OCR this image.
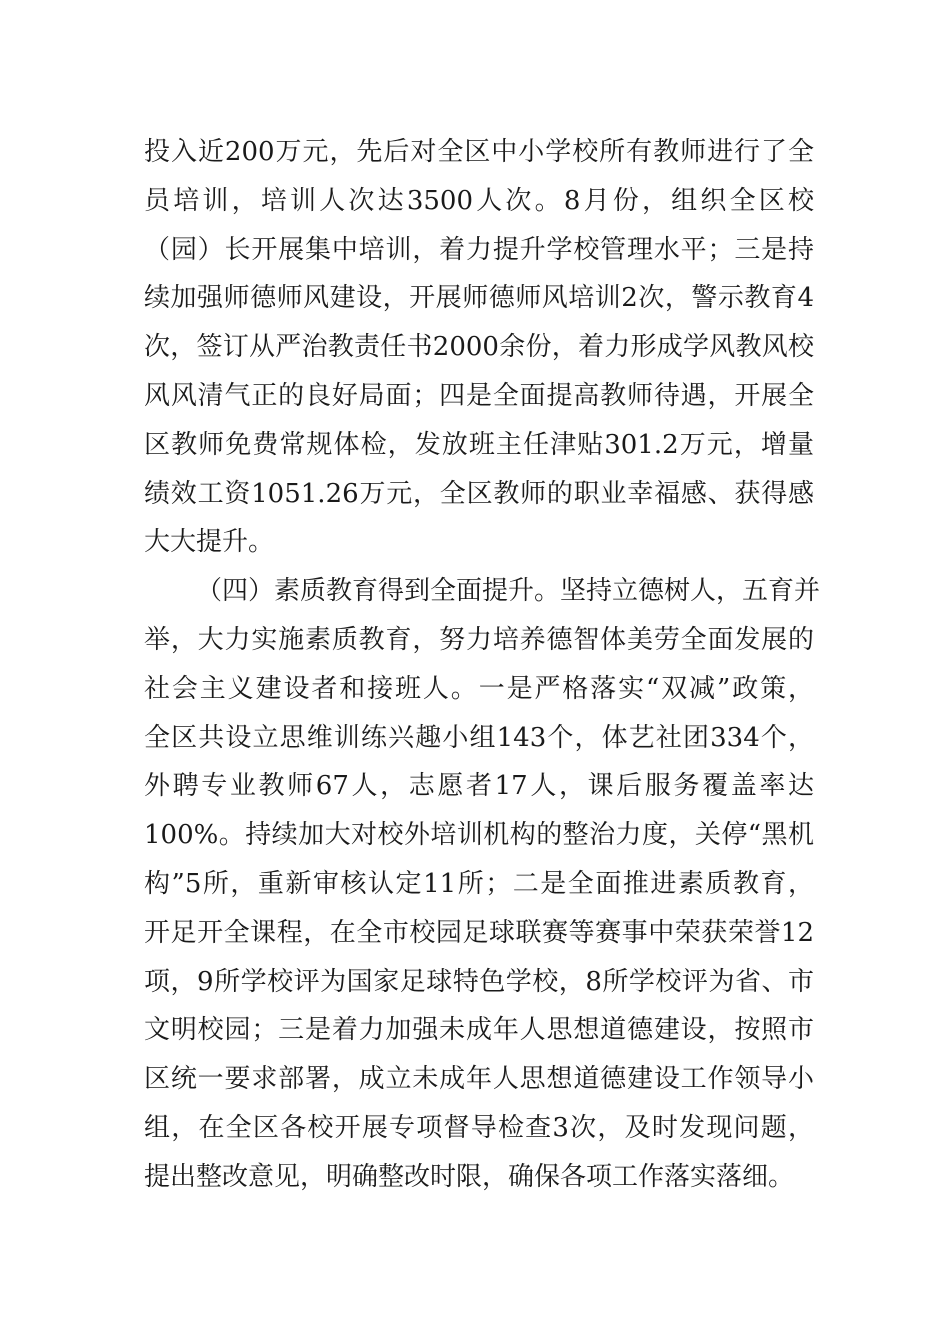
投入近200万元，先后对全区中小学校所有教师进行了全
员培训，培训人次达3500人次。8月份，组织全区校
（园）长开展集中培训，着力提升学校管理水平；三是持
续加强师德师风建设，开展师德师风培训2次，警示教育4
次，签订从严治教责任书2000余份，着力形成学风教风校
风风清气正的良好局面；四是全面提高教师待遇，开展全
区教师免费常规体检，发放班主任津贴301.2万元，增量
绩效工资1051.26万元，全区教师的职业幸福感、获得感
大大提升。
（四）素质教育得到全面提升。坚持立德树人，五育并
举，大力实施素质教育，努力培养德智体美劳全面发展的
社会主义建设者和接班人。一是严格落实“双减”政策，
全区共设立思维训练兴趣小组143个，体艺社团334个，
外聘专业教师67人，志愿者17人，课后服务覆盖率达
100%。持续加大对校外培训机构的整治力度，关停“黑机
构”5所，重新审核认定11所；二是全面推进素质教育，
开足开全课程，在全市校园足球联赛等赛事中荣获荣誉12
项，9所学校评为国家足球特色学校，8所学校评为省、市
文明校园；三是着力加强未成年人思想道德建设，按照市
区统一要求部署，成立未成年人思想道德建设工作领导小
组，在全区各校开展专项督导检查3次，及时发现问题，
提出整改意见，明确整改时限，确保各项工作落实落细。
